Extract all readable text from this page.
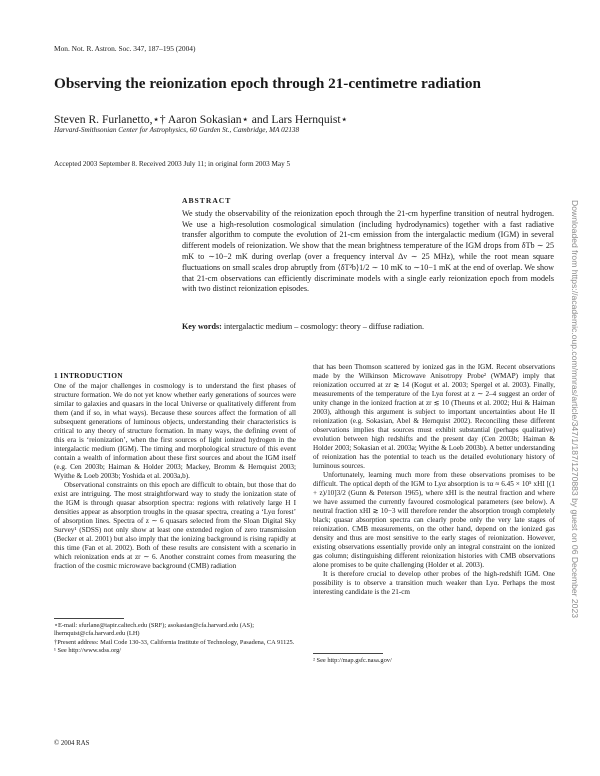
Mon. Not. R. Astron. Soc. 347, 187–195 (2004)
Observing the reionization epoch through 21-centimetre radiation
Steven R. Furlanetto,⋆† Aaron Sokasian⋆ and Lars Hernquist⋆
Harvard-Smithsonian Center for Astrophysics, 60 Garden St., Cambridge, MA 02138
Accepted 2003 September 8. Received 2003 July 11; in original form 2003 May 5
ABSTRACT

We study the observability of the reionization epoch through the 21-cm hyperfine transition of neutral hydrogen. We use a high-resolution cosmological simulation (including hydrodynamics) together with a fast radiative transfer algorithm to compute the evolution of 21-cm emission from the intergalactic medium (IGM) in several different models of reionization. We show that the mean brightness temperature of the IGM drops from δTb ∼ 25 mK to ∼10−2 mK during overlap (over a frequency interval Δν ∼ 25 MHz), while the root mean square fluctuations on small scales drop abruptly from ⟨δT²b⟩1/2 ∼ 10 mK to ∼10−1 mK at the end of overlap. We show that 21-cm observations can efficiently discriminate models with a single early reionization epoch from models with two distinct reionization episodes.

Key words: intergalactic medium – cosmology: theory – diffuse radiation.
1 INTRODUCTION

One of the major challenges in cosmology is to understand the first phases of structure formation. We do not yet know whether early generations of sources were similar to galaxies and quasars in the local Universe or qualitatively different from them (and if so, in what ways). Because these sources affect the formation of all subsequent generations of luminous objects, understanding their characteristics is critical to any theory of structure formation. In many ways, the defining event of this era is ‘reionization’, when the first sources of light ionized hydrogen in the intergalactic medium (IGM). The timing and morphological structure of this event contain a wealth of information about these first sources and about the IGM itself (e.g. Cen 2003b; Haiman & Holder 2003; Mackey, Bromm & Hernquist 2003; Wyithe & Loeb 2003b; Yoshida et al. 2003a,b).

Observational constraints on this epoch are difficult to obtain, but those that do exist are intriguing. The most straightforward way to study the ionization state of the IGM is through quasar absorption spectra: regions with relatively large H I densities appear as absorption troughs in the quasar spectra, creating a ‘Lyα forest’ of absorption lines. Spectra of z ∼ 6 quasars selected from the Sloan Digital Sky Survey¹ (SDSS) not only show at least one extended region of zero transmission (Becker et al. 2001) but also imply that the ionizing background is rising rapidly at this time (Fan et al. 2002). Both of these results are consistent with a scenario in which reionization ends at zr ∼ 6. Another constraint comes from measuring the fraction of the cosmic microwave background (CMB) radiation

that has been Thomson scattered by ionized gas in the IGM. Recent observations made by the Wilkinson Microwave Anisotropy Probe² (WMAP) imply that reionization occurred at zr ≳ 14 (Kogut et al. 2003; Spergel et al. 2003). Finally, measurements of the temperature of the Lyα forest at z ∼ 2–4 suggest an order of unity change in the ionized fraction at zr ≲ 10 (Theuns et al. 2002; Hui & Haiman 2003), although this argument is subject to important uncertainties about He II reionization (e.g. Sokasian, Abel & Hernquist 2002). Reconciling these different observations implies that sources must exhibit substantial (perhaps qualitative) evolution between high redshifts and the present day (Cen 2003b; Haiman & Holder 2003; Sokasian et al. 2003a; Wyithe & Loeb 2003b). A better understanding of reionization has the potential to teach us the detailed evolutionary history of luminous sources.

Unfortunately, learning much more from these observations promises to be difficult. The optical depth of the IGM to Lyα absorption is τα ≈ 6.45 × 10⁵ xHI [(1 + z)/10]3/2 (Gunn & Peterson 1965), where xHI is the neutral fraction and where we have assumed the currently favoured cosmological parameters (see below). A neutral fraction xHI ≳ 10−3 will therefore render the absorption trough completely black; quasar absorption spectra can clearly probe only the very late stages of reionization. CMB measurements, on the other hand, depend on the ionized gas density and thus are most sensitive to the early stages of reionization. However, existing observations essentially provide only an integral constraint on the ionized gas column; distinguishing different reionization histories with CMB observations alone promises to be quite challenging (Holder et al. 2003).

It is therefore crucial to develop other probes of the high-redshift IGM. One possibility is to observe a transition much weaker than Lyα. Perhaps the most interesting candidate is the 21-cm

⋆E-mail: sfurlane@tapir.caltech.edu (SRF); asokasian@cfa.harvard.edu (AS); lhernquist@cfa.harvard.edu (LH)
†Present address: Mail Code 130-33, California Institute of Technology, Pasadena, CA 91125.
¹ See http://www.sdss.org/
² See http://map.gsfc.nasa.gov/
© 2004 RAS
Downloaded from https://academic.oup.com/mnras/article/347/1/187/1270883 by guest on 06 December 2023
